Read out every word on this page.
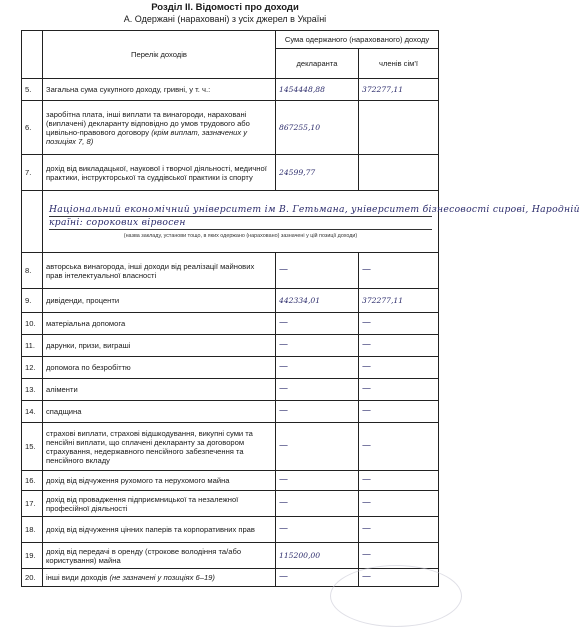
Розділ ІІ. Відомості про доходи
А. Одержані (нараховані) з усіх джерел в Україні
	Перелік доходів	Сума одержаного (нарахованого) доходу	
		декларанта	членів сім'ї
5.	Загальна сума сукупного доходу, гривні, у т. ч.:	1454448,88	372277,11
6.	заробітна плата, інші виплати та винагороди, нараховані (виплачені) декларанту відповідно до умов трудового або цивільно-правового договору (крім виплат, зазначених у позиціях 7, 8)	867255,10	
7.	дохід від викладацької, наукової і творчої діяльності, медичної практики, інструкторської та суддівської практики із спорту	24599,77	

	Національний економічний університет ім В. Гетьмана, університет бізнесовості сирові, Народній
країні: сорокових вірвосен
(назва закладу, установи тощо, в яких одержано (нараховано) зазначені у цій позиції доходи)		

8.	авторська винагорода, інші доходи від реалізації майнових прав інтелектуальної власності	—	—
9.	дивіденди, проценти	442334,01	372277,11
10.	матеріальна допомога	—	—
11.	дарунки, призи, виграші	—	—
12.	допомога по безробіттю	—	—
13.	аліменти	—	—
14.	спадщина	—	—
15.	страхові виплати, страхові відшкодування, викупні суми та пенсійні виплати, що сплачені декларанту за договором страхування, недержавного пенсійного забезпечення та пенсійного вкладу	—	—
16.	дохід від відчуження рухомого та нерухомого майна	—	—
17.	дохід від провадження підприємницької та незалежної професійної діяльності	—	—
18.	дохід від відчуження цінних паперів та корпоративних прав	—	—
19.	дохід від передачі в оренду (строкове володіння та/або користування) майна	115200,00	—
20.	інші види доходів (не зазначені у позиціях 6–19)	—	—
